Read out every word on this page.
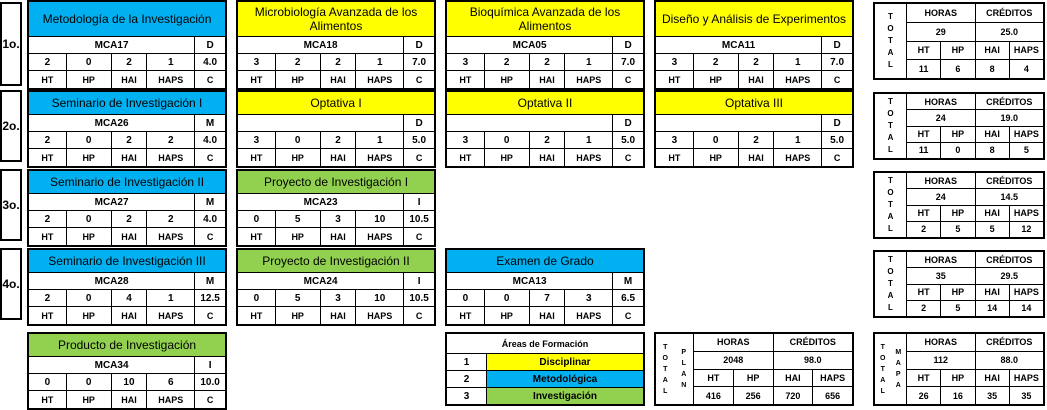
1o.
2o.
3o.
4o.
Metodología de la Investigación
MCA17	D
2	0	2	1	4.0
HT	HP	HAI	HAPS	C
Microbiología Avanzada de los Alimentos
MCA18	D
3	2	2	1	7.0
HT	HP	HAI	HAPS	C
Bioquímica Avanzada de los Alimentos
MCA05	D
3	2	2	1	7.0
HT	HP	HAI	HAPS	C
Diseño y Análisis de Experimentos
MCA11	D
3	2	2	1	7.0
HT	HP	HAI	HAPS	C
Seminario de Investigación I
MCA26	M
2	0	2	2	4.0
HT	HP	HAI	HAPS	C
Optativa I
D
3	0	2	1	5.0
HT	HP	HAI	HAPS	C
Optativa II
D
3	0	2	1	5.0
HT	HP	HAI	HAPS	C
Optativa III
D
3	0	2	1	5.0
HT	HP	HAI	HAPS	C
Seminario de Investigación II
MCA27	M
2	0	2	2	4.0
HT	HP	HAI	HAPS	C
Proyecto de Investigación I
MCA23	I
0	5	3	10	10.5
HT	HP	HAI	HAPS	C
Seminario de Investigación III
MCA28	M
2	0	4	1	12.5
HT	HP	HAI	HAPS	C
Proyecto de Investigación II
MCA24	I
0	5	3	10	10.5
HT	HP	HAI	HAPS	C
Examen de Grado
MCA13	M
0	0	7	3	6.5
HT	HP	HAI	HAPS	C
Producto de Investigación
MCA34	I
0	0	10	6	10.0
HT	HP	HAI	HAPS	C
T
O
T
A
L
HORAS	CRÉDITOS
29	25.0
HT	HP	HAI	HAPS
11	6	8	4
T
O
T
A
L
HORAS	CRÉDITOS
24	19.0
HT	HP	HAI	HAPS
11	0	8	5
T
O
T
A
L
HORAS	CRÉDITOS
24	14.5
HT	HP	HAI	HAPS
2	5	5	12
T
O
T
A
L
HORAS	CRÉDITOS
35	29.5
HT	HP	HAI	HAPS
2	5	14	14
Áreas de Formación
1	Disciplinar
2	Metodológica
3	Investigación
T
O
T
A
L
P
L
A
N
HORAS	CRÉDITOS
2048	98.0
HT	HP	HAI	HAPS
416	256	720	656
T
O
T
A
L
M
A
P
A
HORAS	CRÉDITOS
112	88.0
HT	HP	HAI	HAPS
26	16	35	35
